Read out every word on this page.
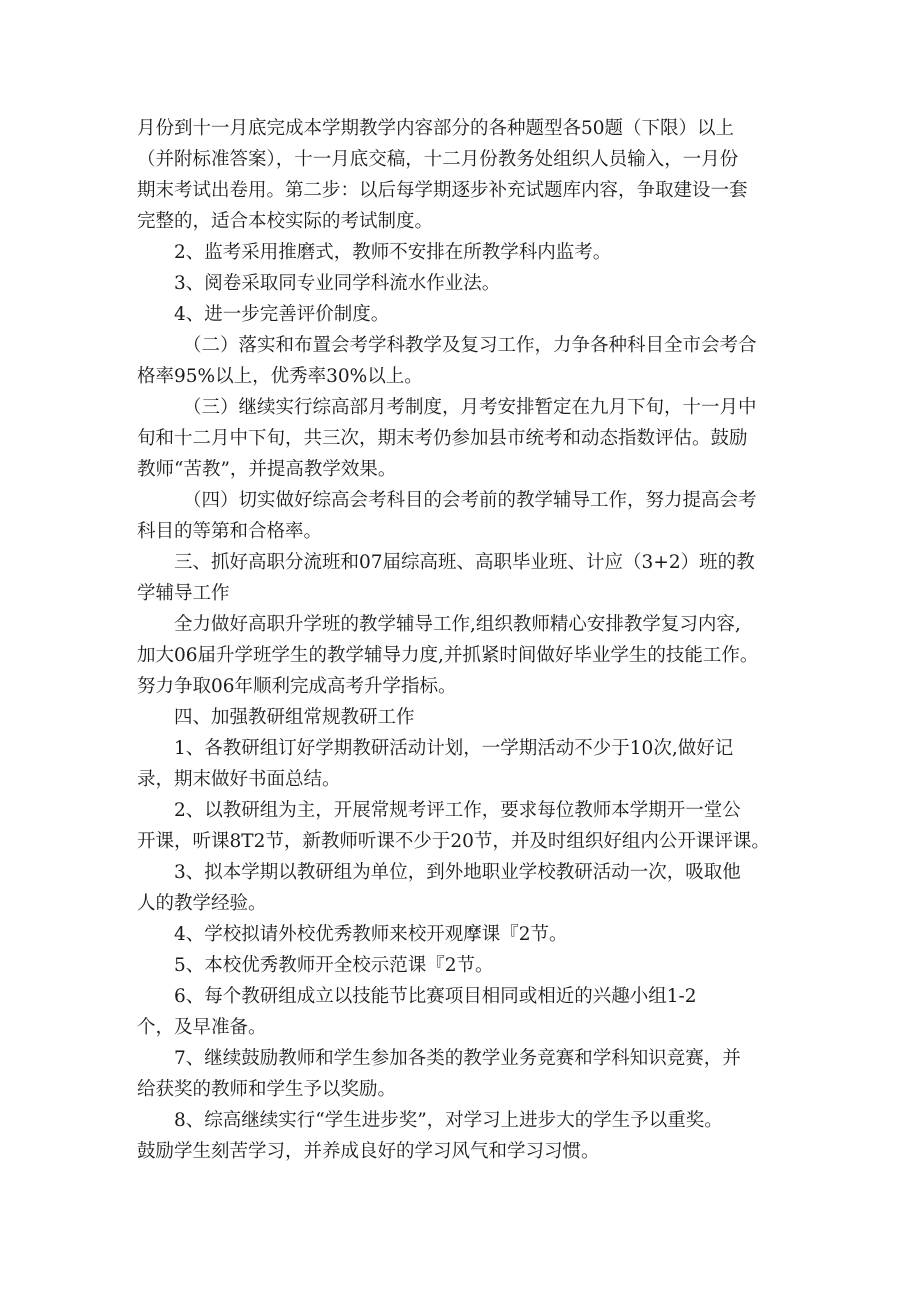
月份到十一月底完成本学期教学内容部分的各种题型各50题（下限）以上
（并附标准答案），十一月底交稿，十二月份教务处组织人员输入，一月份
期末考试出卷用。第二步：以后每学期逐步补充试题库内容，争取建设一套
完整的，适合本校实际的考试制度。

2、监考采用推磨式，教师不安排在所教学科内监考。

3、阅卷采取同专业同学科流水作业法。

4、进一步完善评价制度。

（二）落实和布置会考学科教学及复习工作，力争各种科目全市会考合
格率95%以上，优秀率30%以上。

（三）继续实行综高部月考制度，月考安排暂定在九月下旬，十一月中
旬和十二月中下旬，共三次，期末考仍参加县市统考和动态指数评估。鼓励
教师“苦教”，并提高教学效果。

（四）切实做好综高会考科目的会考前的教学辅导工作，努力提高会考
科目的等第和合格率。

三、抓好高职分流班和07届综高班、高职毕业班、计应（3+2）班的教
学辅导工作

全力做好高职升学班的教学辅导工作,组织教师精心安排教学复习内容,
加大06届升学班学生的教学辅导力度,并抓紧时间做好毕业学生的技能工作。
努力争取06年顺利完成高考升学指标。

四、加强教研组常规教研工作

1、各教研组订好学期教研活动计划，一学期活动不少于10次,做好记
录，期末做好书面总结。

2、以教研组为主，开展常规考评工作，要求每位教师本学期开一堂公
开课，听课8T2节，新教师听课不少于20节，并及时组织好组内公开课评课。

3、拟本学期以教研组为单位，到外地职业学校教研活动一次，吸取他
人的教学经验。

4、学校拟请外校优秀教师来校开观摩课『2节。

5、本校优秀教师开全校示范课『2节。

6、每个教研组成立以技能节比赛项目相同或相近的兴趣小组1-2
个，及早准备。

7、继续鼓励教师和学生参加各类的教学业务竞赛和学科知识竞赛，并
给获奖的教师和学生予以奖励。

8、综高继续实行“学生进步奖”，对学习上进步大的学生予以重奖。
鼓励学生刻苦学习，并养成良好的学习风气和学习习惯。
